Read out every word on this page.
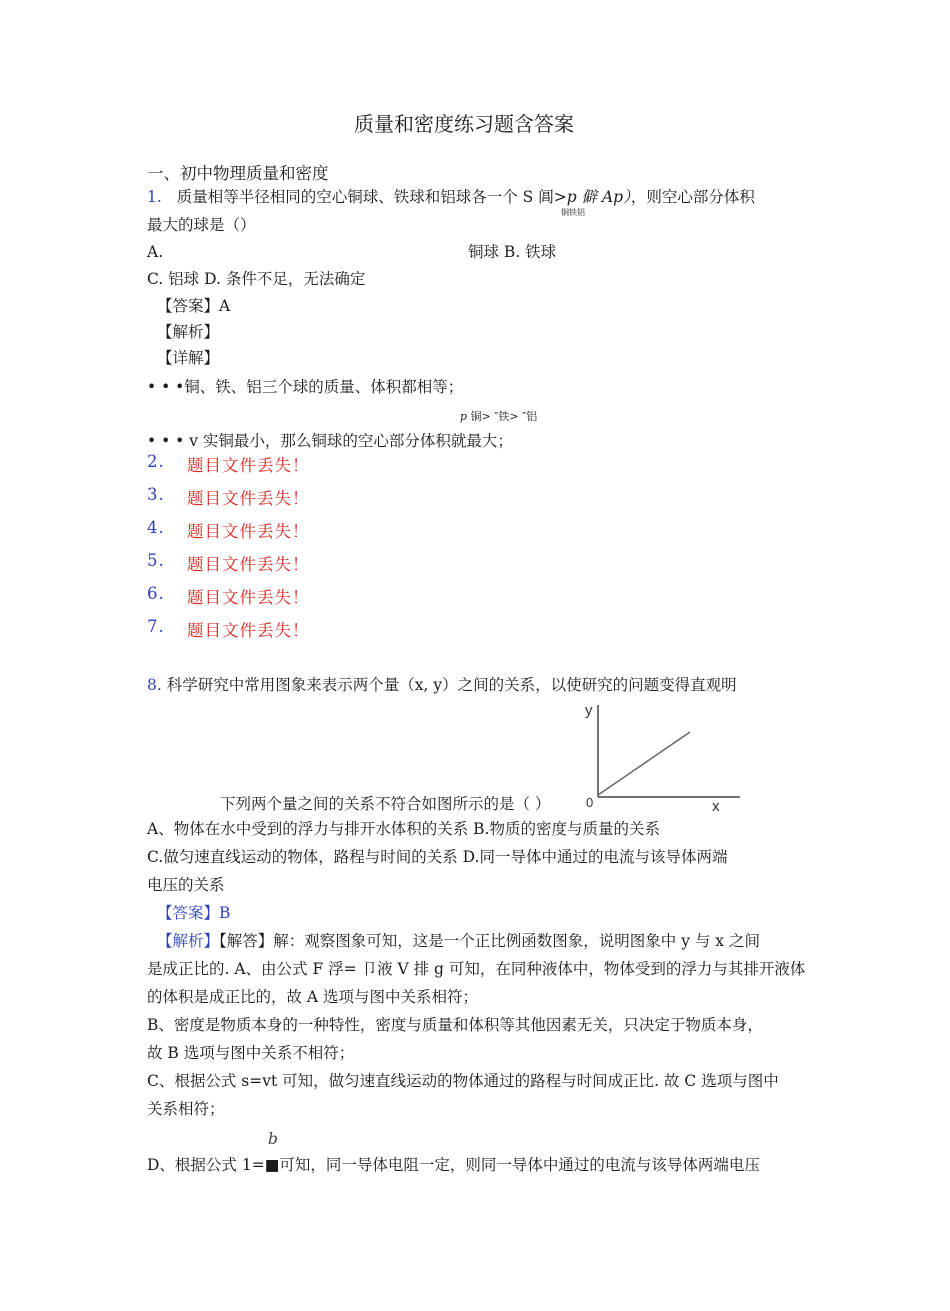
质量和密度练习题含答案
一、初中物理质量和密度
1. 质量相等半径相同的空心铜球、铁球和铝球各一个 S 阊>p 僻 Ap），则空心部分体积
铜铁铝
最大的球是（）
A.	铜球 B. 铁球
C. 铝球 D. 条件不足，无法确定
【答案】A
【解析】
【详解】
• • •铜、铁、铝三个球的质量、体积都相等；
p 铜> ″铁> ″铝
• • • v 实铜最小，那么铜球的空心部分体积就最大；
2. 题目文件丢失！
3. 题目文件丢失！
4. 题目文件丢失！
5. 题目文件丢失！
6. 题目文件丢失！
7. 题目文件丢失！
8. 科学研究中常用图象来表示两个量（x, y）之间的关系，以使研究的问题变得直观明
y
x
0
下列两个量之间的关系不符合如图所示的是（ ）
A、物体在水中受到的浮力与排开水体积的关系 B.物质的密度与质量的关系
C.做匀速直线运动的物体，路程与时间的关系 D.同一导体中通过的电流与该导体两端
电压的关系
【答案】B
【解析】【解答】解：观察图象可知，这是一个正比例函数图象，说明图象中 y 与 x 之间
是成正比的. A、由公式 F 浮= 卩液 V 排 g 可知，在同种液体中，物体受到的浮力与其排开液体
的体积是成正比的，故 A 选项与图中关系相符；
B、密度是物质本身的一种特性，密度与质量和体积等其他因素无关，只决定于物质本身，
故 B 选项与图中关系不相符；
C、根据公式 s=vt 可知，做匀速直线运动的物体通过的路程与时间成正比. 故 C 选项与图中
关系相符；
b
D、根据公式 1=■可知，同一导体电阻一定，则同一导体中通过的电流与该导体两端电压
